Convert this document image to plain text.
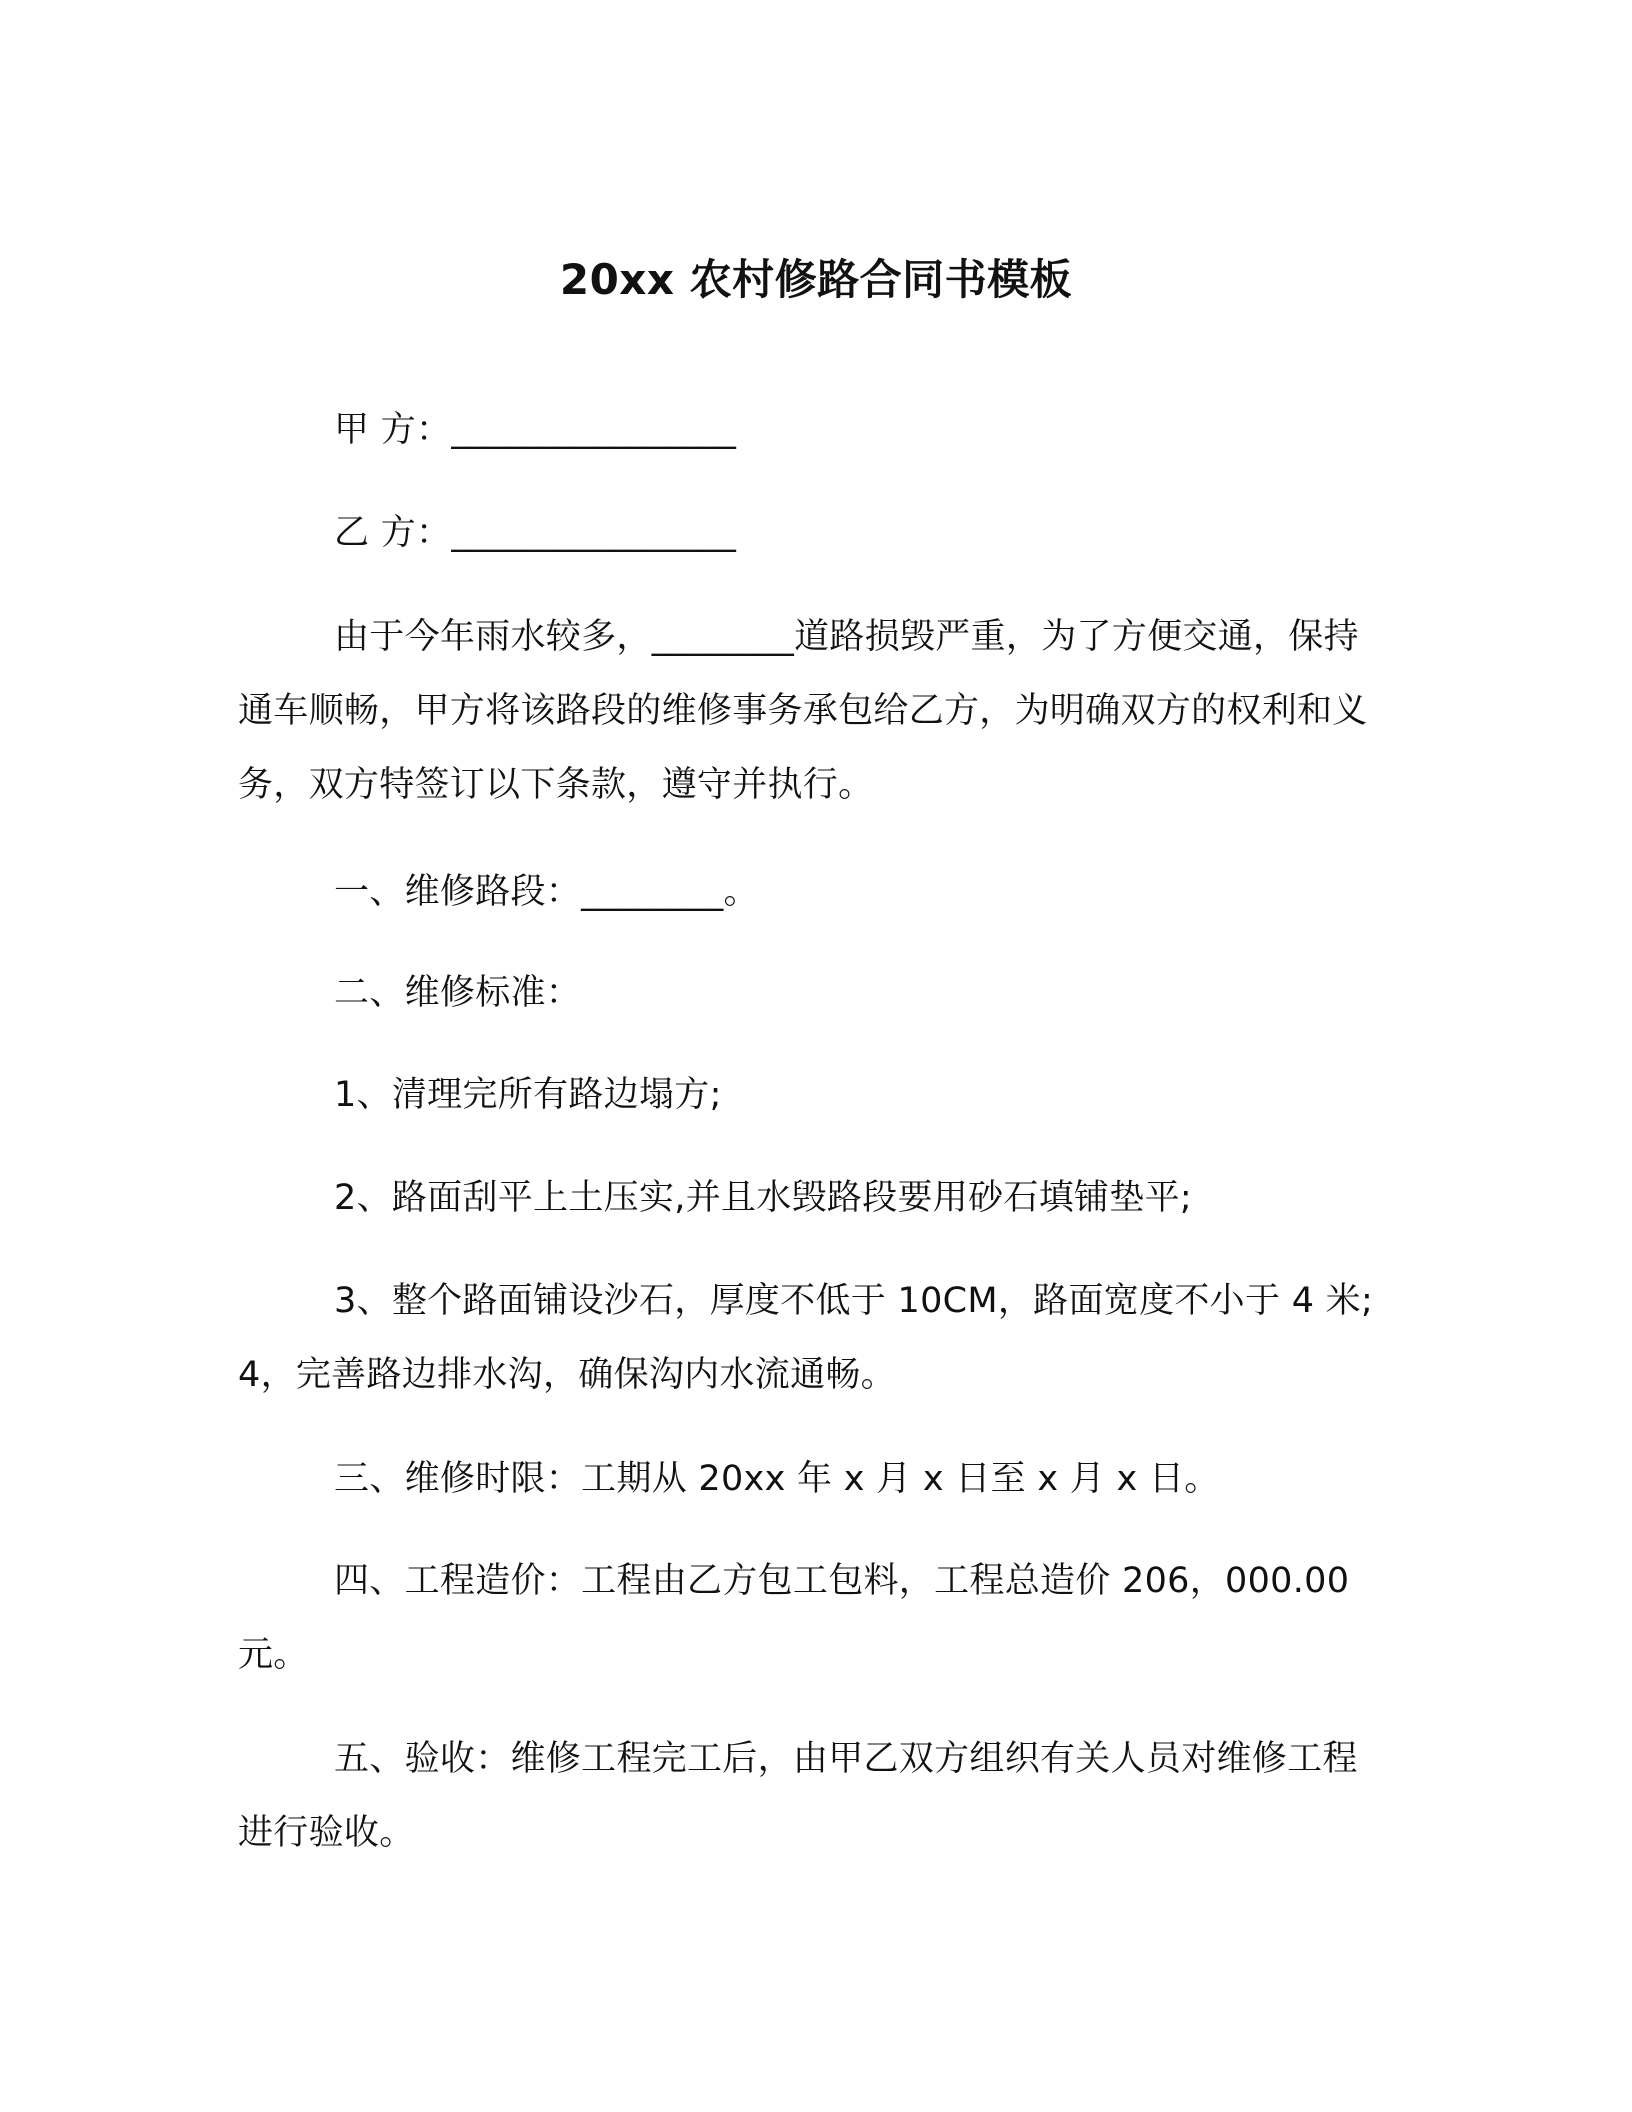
20xx 农村修路合同书模板

甲 方：________________

乙 方：________________

由于今年雨水较多，________道路损毁严重，为了方便交通，保持通车顺畅，甲方将该路段的维修事务承包给乙方，为明确双方的权利和义务，双方特签订以下条款，遵守并执行。

一、维修路段：________。

二、维修标准：

1、清理完所有路边塌方;

2、路面刮平上土压实,并且水毁路段要用砂石填铺垫平;

3、整个路面铺设沙石，厚度不低于 10CM，路面宽度不小于 4 米; 4，完善路边排水沟，确保沟内水流通畅。

三、维修时限：工期从 20xx 年 x 月 x 日至 x 月 x 日。

四、工程造价：工程由乙方包工包料，工程总造价 206，000.00 元。

五、验收：维修工程完工后，由甲乙双方组织有关人员对维修工程进行验收。
